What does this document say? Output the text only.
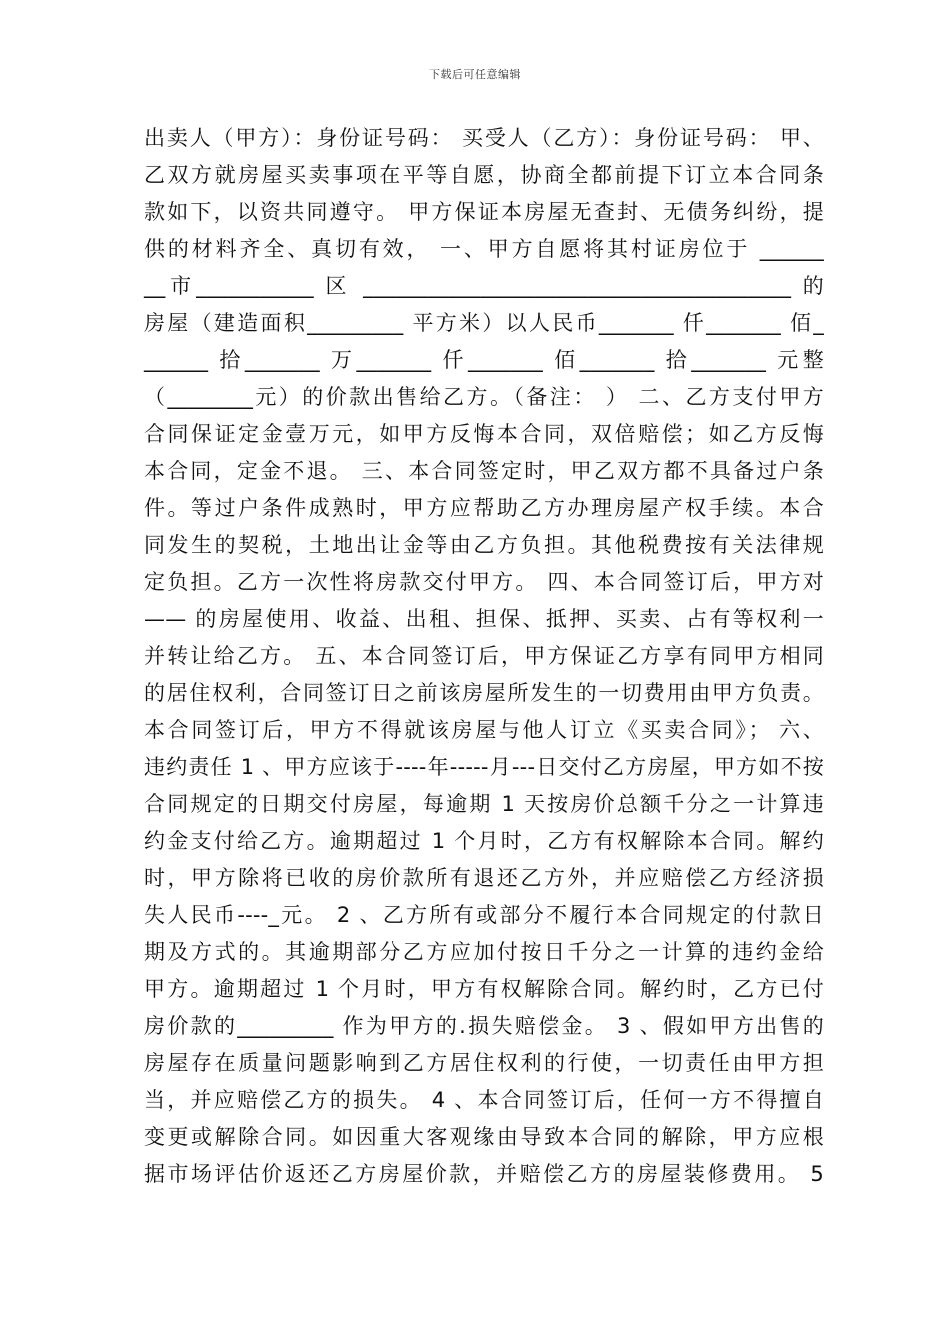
下载后可任意编辑
出卖人（甲方）：身份证号码： 买受人（乙方）：身份证号码： 甲、
乙双方就房屋买卖事项在平等自愿，协商全都前提下订立本合同条
款如下，以资共同遵守。 甲方保证本房屋无查封、无债务纠纷，提
供的材料齐全、真切有效， 一、甲方自愿将其村证房位于 ______
__市___________ 区 ________________________________________ 的
房屋（建造面积_________ 平方米）以人民币_______ 仟_______ 佰_
______ 拾_______ 万_______ 仟_______ 佰_______ 拾_______ 元整
（________元）的价款出售给乙方。（备注： ） 二、乙方支付甲方
合同保证定金壹万元，如甲方反悔本合同，双倍赔偿；如乙方反悔
本合同，定金不退。 三、本合同签定时，甲乙双方都不具备过户条
件。等过户条件成熟时，甲方应帮助乙方办理房屋产权手续。本合
同发生的契税，土地出让金等由乙方负担。其他税费按有关法律规
定负担。乙方一次性将房款交付甲方。 四、本合同签订后，甲方对
—— 的房屋使用、收益、出租、担保、抵押、买卖、占有等权利一
并转让给乙方。 五、本合同签订后，甲方保证乙方享有同甲方相同
的居住权利，合同签订日之前该房屋所发生的一切费用由甲方负责。
本合同签订后，甲方不得就该房屋与他人订立《买卖合同》； 六、
违约责任 1 、甲方应该于----年-----月---日交付乙方房屋，甲方如不按
合同规定的日期交付房屋，每逾期 1 天按房价总额千分之一计算违
约金支付给乙方。逾期超过 1 个月时，乙方有权解除本合同。解约
时，甲方除将已收的房价款所有退还乙方外，并应赔偿乙方经济损
失人民币----_元。 2 、乙方所有或部分不履行本合同规定的付款日
期及方式的。其逾期部分乙方应加付按日千分之一计算的违约金给
甲方。逾期超过 1 个月时，甲方有权解除合同。解约时，乙方已付
房价款的_________ 作为甲方的.损失赔偿金。 3 、假如甲方出售的
房屋存在质量问题影响到乙方居住权利的行使，一切责任由甲方担
当，并应赔偿乙方的损失。 4 、本合同签订后，任何一方不得擅自
变更或解除合同。如因重大客观缘由导致本合同的解除，甲方应根
据市场评估价返还乙方房屋价款，并赔偿乙方的房屋装修费用。 5
